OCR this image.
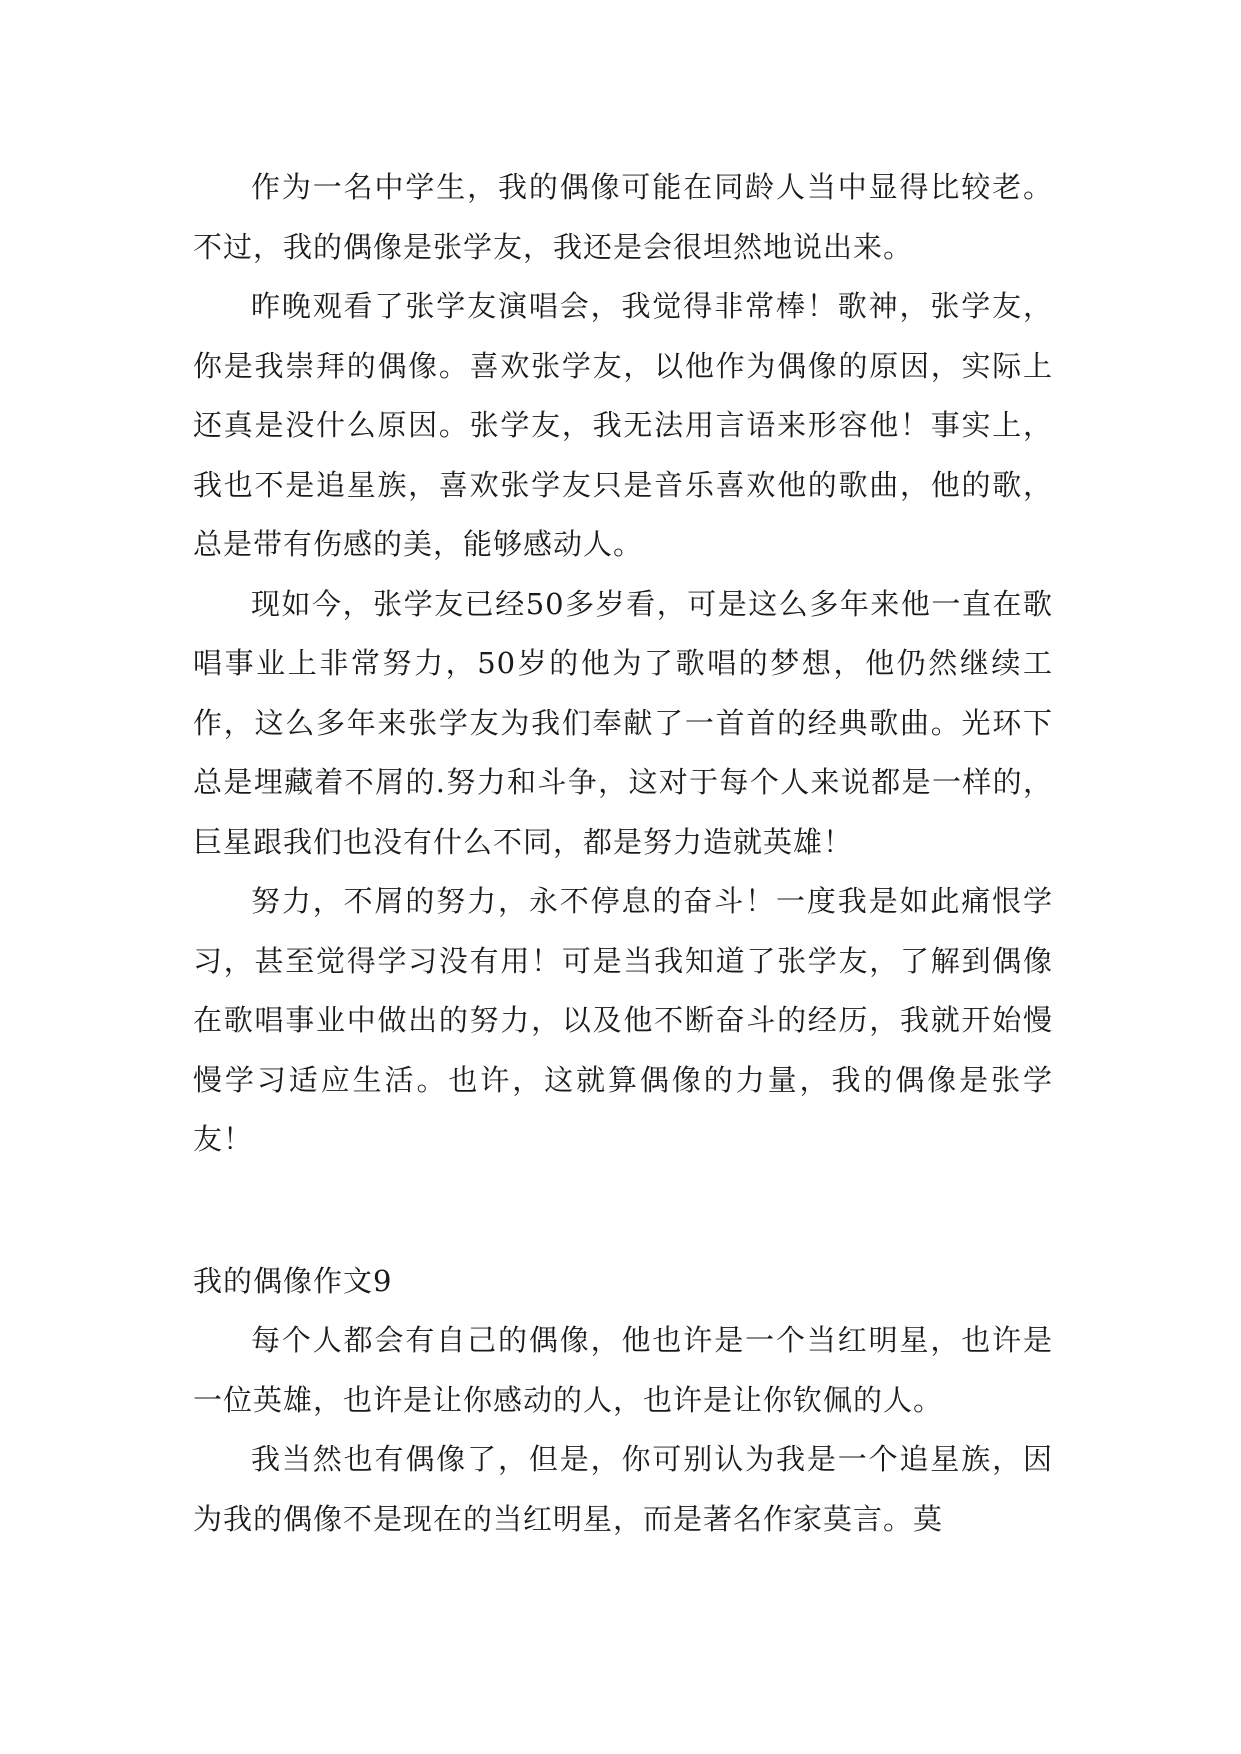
作为一名中学生，我的偶像可能在同龄人当中显得比较老。不过，我的偶像是张学友，我还是会很坦然地说出来。

昨晚观看了张学友演唱会，我觉得非常棒！歌神，张学友，你是我崇拜的偶像。喜欢张学友，以他作为偶像的原因，实际上还真是没什么原因。张学友，我无法用言语来形容他！事实上，我也不是追星族，喜欢张学友只是音乐喜欢他的歌曲，他的歌，总是带有伤感的美，能够感动人。

现如今，张学友已经50多岁看，可是这么多年来他一直在歌唱事业上非常努力，50岁的他为了歌唱的梦想，他仍然继续工作，这么多年来张学友为我们奉献了一首首的经典歌曲。光环下总是埋藏着不屑的.努力和斗争，这对于每个人来说都是一样的，巨星跟我们也没有什么不同，都是努力造就英雄！

努力，不屑的努力，永不停息的奋斗！一度我是如此痛恨学习，甚至觉得学习没有用！可是当我知道了张学友，了解到偶像在歌唱事业中做出的努力，以及他不断奋斗的经历，我就开始慢慢学习适应生活。也许，这就算偶像的力量，我的偶像是张学友！

我的偶像作文9

每个人都会有自己的偶像，他也许是一个当红明星，也许是一位英雄，也许是让你感动的人，也许是让你钦佩的人。

我当然也有偶像了，但是，你可别认为我是一个追星族，因为我的偶像不是现在的当红明星，而是著名作家莫言。莫
